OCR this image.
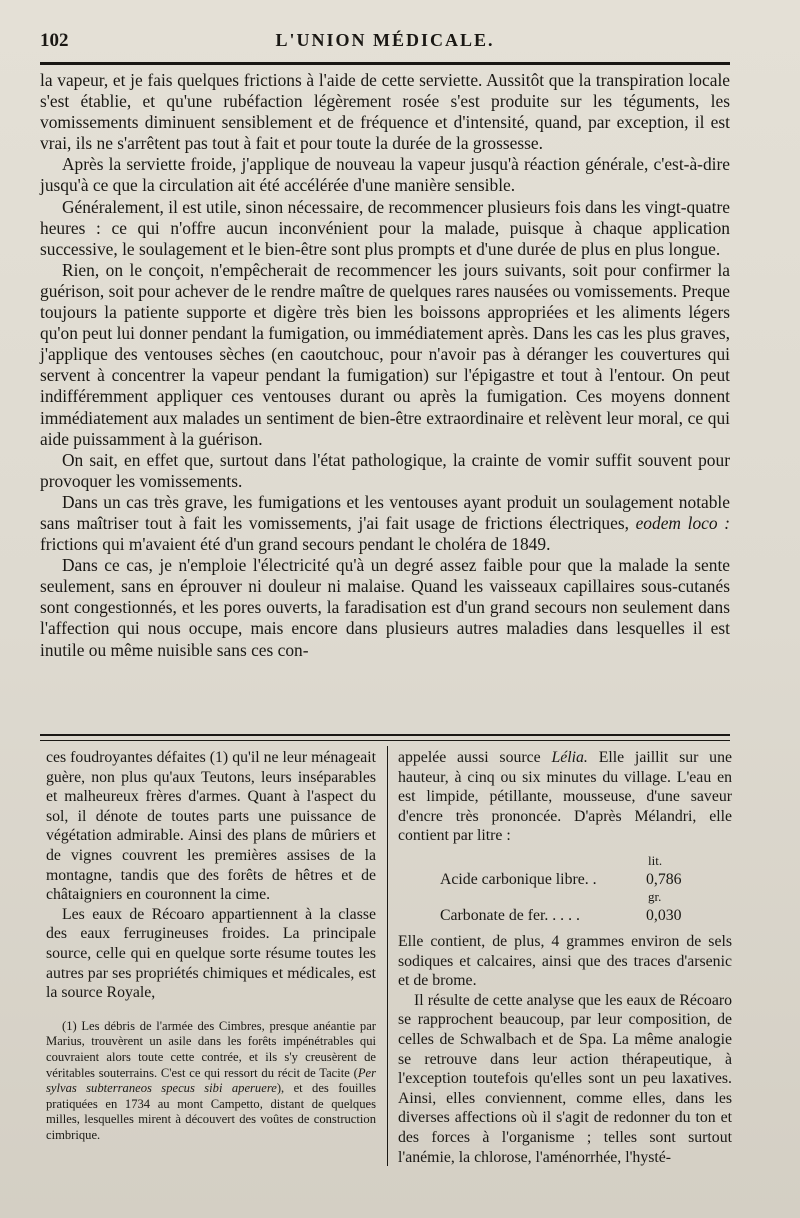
102	L'UNION MÉDICALE.

la vapeur, et je fais quelques frictions à l'aide de cette serviette. Aussitôt que la transpiration locale s'est établie, et qu'une rubéfaction légèrement rosée s'est produite sur les téguments, les vomissements diminuent sensiblement et de fréquence et d'intensité, quand, par exception, il est vrai, ils ne s'arrêtent pas tout à fait et pour toute la durée de la grossesse.

Après la serviette froide, j'applique de nouveau la vapeur jusqu'à réaction générale, c'est-à-dire jusqu'à ce que la circulation ait été accélérée d'une manière sensible.

Généralement, il est utile, sinon nécessaire, de recommencer plusieurs fois dans les vingt-quatre heures : ce qui n'offre aucun inconvénient pour la malade, puisque à chaque application successive, le soulagement et le bien-être sont plus prompts et d'une durée de plus en plus longue.

Rien, on le conçoit, n'empêcherait de recommencer les jours suivants, soit pour confirmer la guérison, soit pour achever de le rendre maître de quelques rares nausées ou vomissements. Preque toujours la patiente supporte et digère très bien les boissons appropriées et les aliments légers qu'on peut lui donner pendant la fumigation, ou immédiatement après. Dans les cas les plus graves, j'applique des ventouses sèches (en caoutchouc, pour n'avoir pas à déranger les couvertures qui servent à concentrer la vapeur pendant la fumigation) sur l'épigastre et tout à l'entour. On peut indifféremment appliquer ces ventouses durant ou après la fumigation. Ces moyens donnent immédiatement aux malades un sentiment de bien-être extraordinaire et relèvent leur moral, ce qui aide puissamment à la guérison.

On sait, en effet que, surtout dans l'état pathologique, la crainte de vomir suffit souvent pour provoquer les vomissements.

Dans un cas très grave, les fumigations et les ventouses ayant produit un soulagement notable sans maîtriser tout à fait les vomissements, j'ai fait usage de frictions électriques, eodem loco : frictions qui m'avaient été d'un grand secours pendant le choléra de 1849.

Dans ce cas, je n'emploie l'électricité qu'à un degré assez faible pour que la malade la sente seulement, sans en éprouver ni douleur ni malaise. Quand les vaisseaux capillaires sous-cutanés sont congestionnés, et les pores ouverts, la faradisation est d'un grand secours non seulement dans l'affection qui nous occupe, mais encore dans plusieurs autres maladies dans lesquelles il est inutile ou même nuisible sans ces con-

ces foudroyantes défaites (1) qu'il ne leur ménageait guère, non plus qu'aux Teutons, leurs inséparables et malheureux frères d'armes. Quant à l'aspect du sol, il dénote de toutes parts une puissance de végétation admirable. Ainsi des plans de mûriers et de vignes couvrent les premières assises de la montagne, tandis que des forêts de hêtres et de châtaigniers en couronnent la cime.

Les eaux de Récoaro appartiennent à la classe des eaux ferrugineuses froides. La principale source, celle qui en quelque sorte résume toutes les autres par ses propriétés chimiques et médicales, est la source Royale,

(1) Les débris de l'armée des Cimbres, presque anéantie par Marius, trouvèrent un asile dans les forêts impénétrables qui couvraient alors toute cette contrée, et ils s'y creusèrent de véritables souterrains. C'est ce qui ressort du récit de Tacite (Per sylvas subterraneos specus sibi aperuere), et des fouilles pratiquées en 1734 au mont Campetto, distant de quelques milles, lesquelles mirent à découvert des voûtes de construction cimbrique.

appelée aussi source Lélia. Elle jaillit sur une hauteur, à cinq ou six minutes du village. L'eau en est limpide, pétillante, mousseuse, d'une saveur d'encre très prononcée. D'après Mélandri, elle contient par litre :

lit.
Acide carbonique libre. .	0,786
gr.
Carbonate de fer. . . . .	0,030

Elle contient, de plus, 4 grammes environ de sels sodiques et calcaires, ainsi que des traces d'arsenic et de brome.

Il résulte de cette analyse que les eaux de Récoaro se rapprochent beaucoup, par leur composition, de celles de Schwalbach et de Spa. La même analogie se retrouve dans leur action thérapeutique, à l'exception toutefois qu'elles sont un peu laxatives. Ainsi, elles conviennent, comme elles, dans les diverses affections où il s'agit de redonner du ton et des forces à l'organisme ; telles sont surtout l'anémie, la chlorose, l'aménorrhée, l'hysté-
